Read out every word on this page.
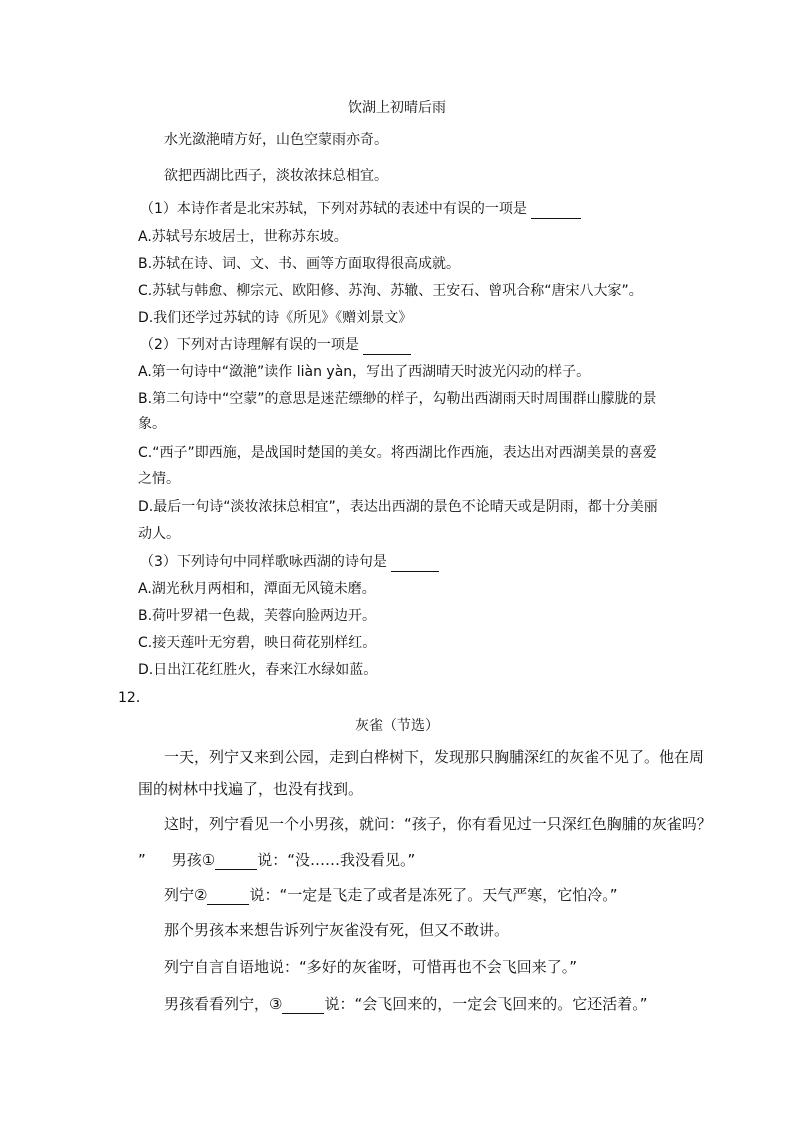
饮湖上初晴后雨
水光潋滟晴方好，山色空蒙雨亦奇。
欲把西湖比西子，淡妆浓抹总相宜。
（1）本诗作者是北宋苏轼，下列对苏轼的表述中有误的一项是
A.苏轼号东坡居士，世称苏东坡。
B.苏轼在诗、词、文、书、画等方面取得很高成就。
C.苏轼与韩愈、柳宗元、欧阳修、苏洵、苏辙、王安石、曾巩合称“唐宋八大家”。
D.我们还学过苏轼的诗《所见》《赠刘景文》
（2）下列对古诗理解有误的一项是
A.第一句诗中“潋滟”读作 liàn yàn，写出了西湖晴天时波光闪动的样子。
B.第二句诗中“空蒙”的意思是迷茫缥缈的样子，勾勒出西湖雨天时周围群山朦胧的景
象。
C.“西子”即西施，是战国时楚国的美女。将西湖比作西施，表达出对西湖美景的喜爱
之情。
D.最后一句诗“淡妆浓抹总相宜”，表达出西湖的景色不论晴天或是阴雨，都十分美丽
动人。
（3）下列诗句中同样歌咏西湖的诗句是
A.湖光秋月两相和，潭面无风镜未磨。
B.荷叶罗裙一色裁，芙蓉向脸两边开。
C.接天莲叶无穷碧，映日荷花别样红。
D.日出江花红胜火，春来江水绿如蓝。
12．
灰雀（节选）
一天，列宁又来到公园，走到白桦树下，发现那只胸脯深红的灰雀不见了。他在周
围的树林中找遍了，也没有找到。
这时，列宁看见一个小男孩，就问：“孩子，你有看见过一只深红色胸脯的灰雀吗？
” 男孩①	说：“没……我没看见。”
列宁②	说：“一定是飞走了或者是冻死了。天气严寒，它怕冷。”
那个男孩本来想告诉列宁灰雀没有死，但又不敢讲。
列宁自言自语地说：“多好的灰雀呀，可惜再也不会飞回来了。”
男孩看看列宁，③	说：“会飞回来的，一定会飞回来的。它还活着。”
